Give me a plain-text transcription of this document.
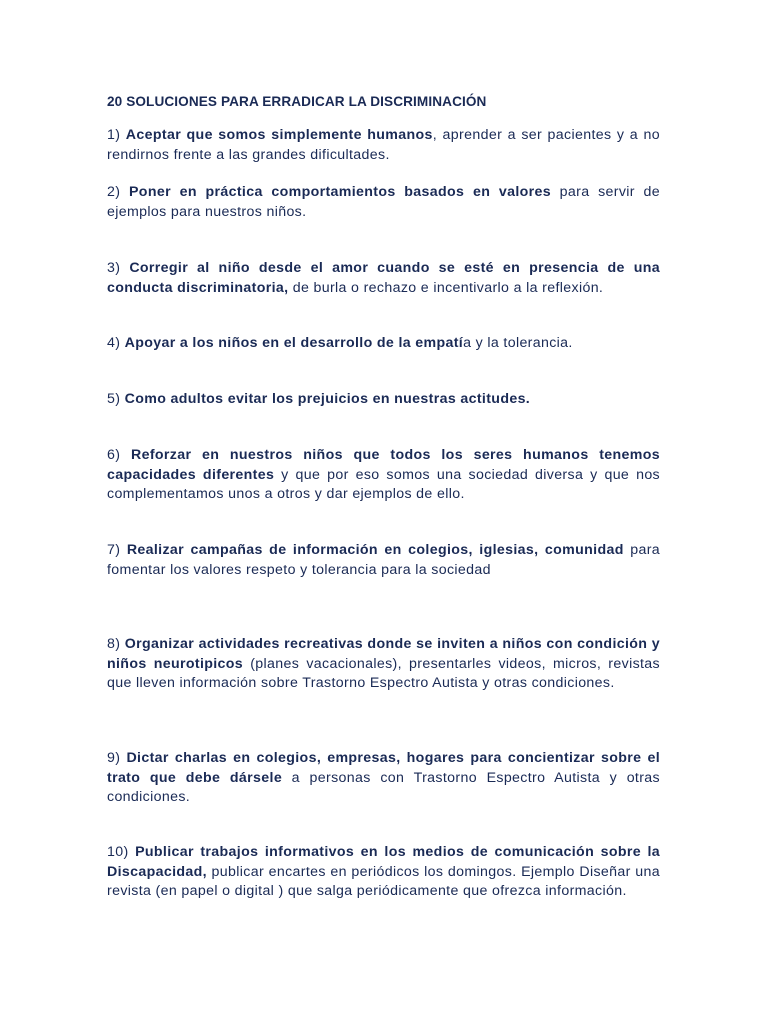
20 SOLUCIONES PARA ERRADICAR LA DISCRIMINACIÓN

1) Aceptar que somos simplemente humanos, aprender a ser pacientes y a no rendirnos frente a las grandes dificultades.

2) Poner en práctica comportamientos basados en valores para servir de ejemplos para nuestros niños.

3) Corregir al niño desde el amor cuando se esté en presencia de una conducta discriminatoria, de burla o rechazo e incentivarlo a la reflexión.

4) Apoyar a los niños en el desarrollo de la empatía y la tolerancia.

5) Como adultos evitar los prejuicios en nuestras actitudes.

6) Reforzar en nuestros niños que todos los seres humanos tenemos capacidades diferentes y que por eso somos una sociedad diversa y que nos complementamos unos a otros y dar ejemplos de ello.

7) Realizar campañas de información en colegios, iglesias, comunidad para fomentar los valores respeto y tolerancia para la sociedad

8) Organizar actividades recreativas donde se inviten a niños con condición y niños neurotipicos (planes vacacionales), presentarles videos, micros, revistas que lleven información sobre Trastorno Espectro Autista y otras condiciones.

9) Dictar charlas en colegios, empresas, hogares para concientizar sobre el trato que debe dársele a personas con Trastorno Espectro Autista y otras condiciones.

10) Publicar trabajos informativos en los medios de comunicación sobre la Discapacidad, publicar encartes en periódicos los domingos. Ejemplo Diseñar una revista (en papel o digital ) que salga periódicamente que ofrezca información.
